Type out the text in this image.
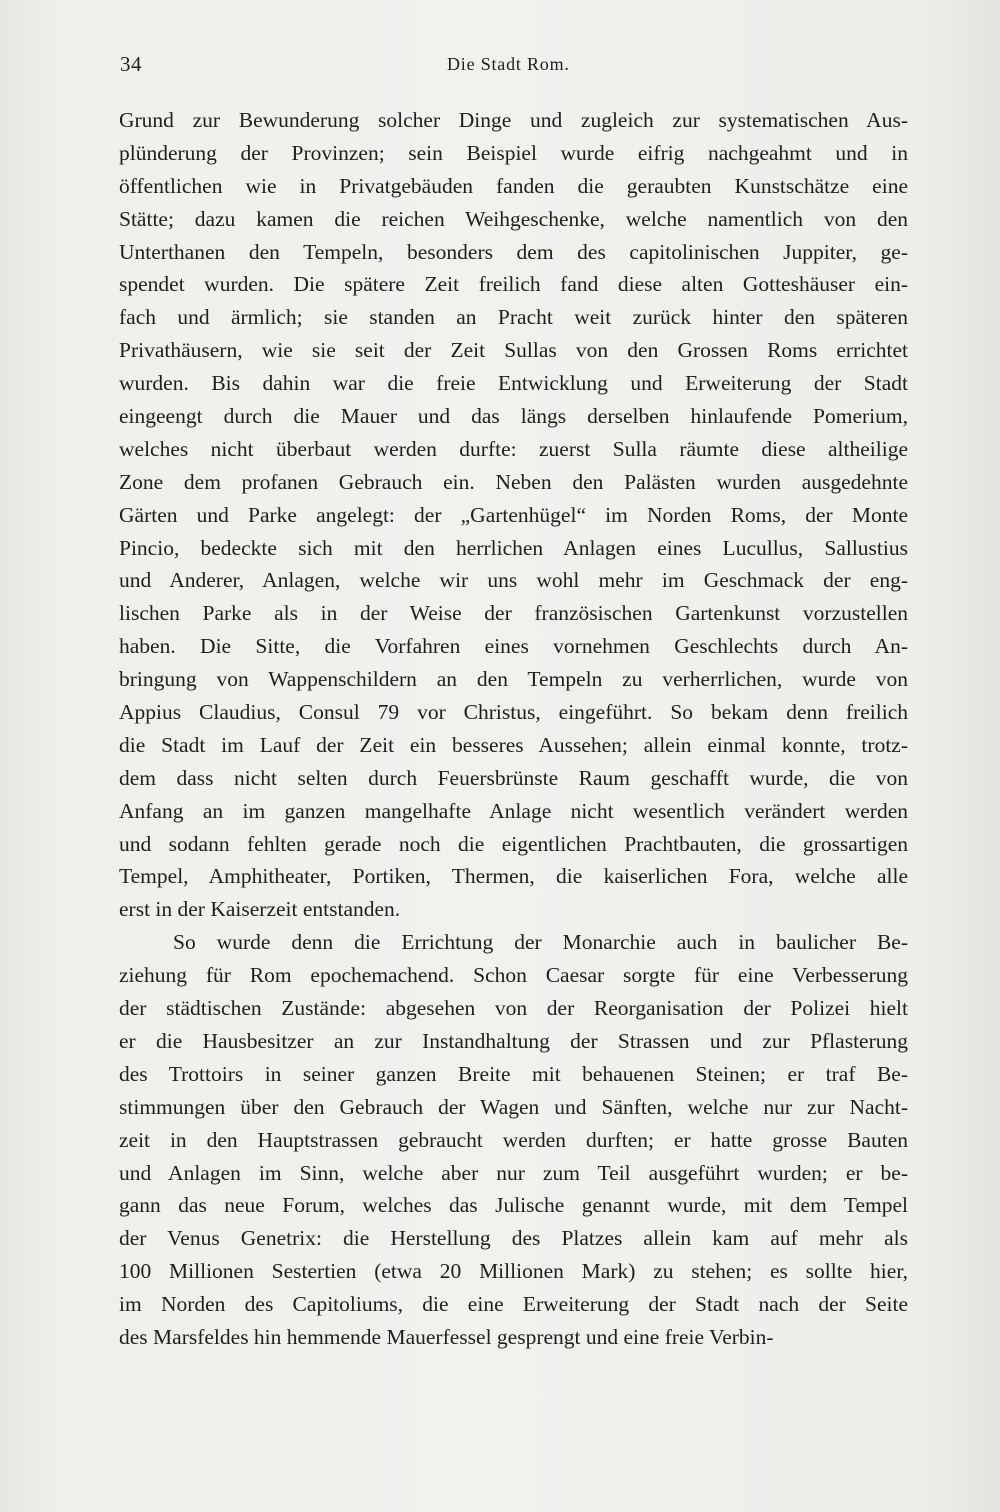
34	Die Stadt Rom.
Grund zur Bewunderung solcher Dinge und zugleich zur systematischen Aus-
plünderung der Provinzen; sein Beispiel wurde eifrig nachgeahmt und in
öffentlichen wie in Privatgebäuden fanden die geraubten Kunstschätze eine
Stätte; dazu kamen die reichen Weihgeschenke, welche namentlich von den
Unterthanen den Tempeln, besonders dem des capitolinischen Juppiter, ge-
spendet wurden. Die spätere Zeit freilich fand diese alten Gotteshäuser ein-
fach und ärmlich; sie standen an Pracht weit zurück hinter den späteren
Privathäusern, wie sie seit der Zeit Sullas von den Grossen Roms errichtet
wurden. Bis dahin war die freie Entwicklung und Erweiterung der Stadt
eingeengt durch die Mauer und das längs derselben hinlaufende Pomerium,
welches nicht überbaut werden durfte: zuerst Sulla räumte diese altheilige
Zone dem profanen Gebrauch ein. Neben den Palästen wurden ausgedehnte
Gärten und Parke angelegt: der „Gartenhügel“ im Norden Roms, der Monte
Pincio, bedeckte sich mit den herrlichen Anlagen eines Lucullus, Sallustius
und Anderer, Anlagen, welche wir uns wohl mehr im Geschmack der eng-
lischen Parke als in der Weise der französischen Gartenkunst vorzustellen
haben. Die Sitte, die Vorfahren eines vornehmen Geschlechts durch An-
bringung von Wappenschildern an den Tempeln zu verherrlichen, wurde von
Appius Claudius, Consul 79 vor Christus, eingeführt. So bekam denn freilich
die Stadt im Lauf der Zeit ein besseres Aussehen; allein einmal konnte, trotz-
dem dass nicht selten durch Feuersbrünste Raum geschafft wurde, die von
Anfang an im ganzen mangelhafte Anlage nicht wesentlich verändert werden
und sodann fehlten gerade noch die eigentlichen Prachtbauten, die grossartigen
Tempel, Amphitheater, Portiken, Thermen, die kaiserlichen Fora, welche alle
erst in der Kaiserzeit entstanden.
So wurde denn die Errichtung der Monarchie auch in baulicher Be-
ziehung für Rom epochemachend. Schon Caesar sorgte für eine Verbesserung
der städtischen Zustände: abgesehen von der Reorganisation der Polizei hielt
er die Hausbesitzer an zur Instandhaltung der Strassen und zur Pflasterung
des Trottoirs in seiner ganzen Breite mit behauenen Steinen; er traf Be-
stimmungen über den Gebrauch der Wagen und Sänften, welche nur zur Nacht-
zeit in den Hauptstrassen gebraucht werden durften; er hatte grosse Bauten
und Anlagen im Sinn, welche aber nur zum Teil ausgeführt wurden; er be-
gann das neue Forum, welches das Julische genannt wurde, mit dem Tempel
der Venus Genetrix: die Herstellung des Platzes allein kam auf mehr als
100 Millionen Sestertien (etwa 20 Millionen Mark) zu stehen; es sollte hier,
im Norden des Capitoliums, die eine Erweiterung der Stadt nach der Seite
des Marsfeldes hin hemmende Mauerfessel gesprengt und eine freie Verbin-
